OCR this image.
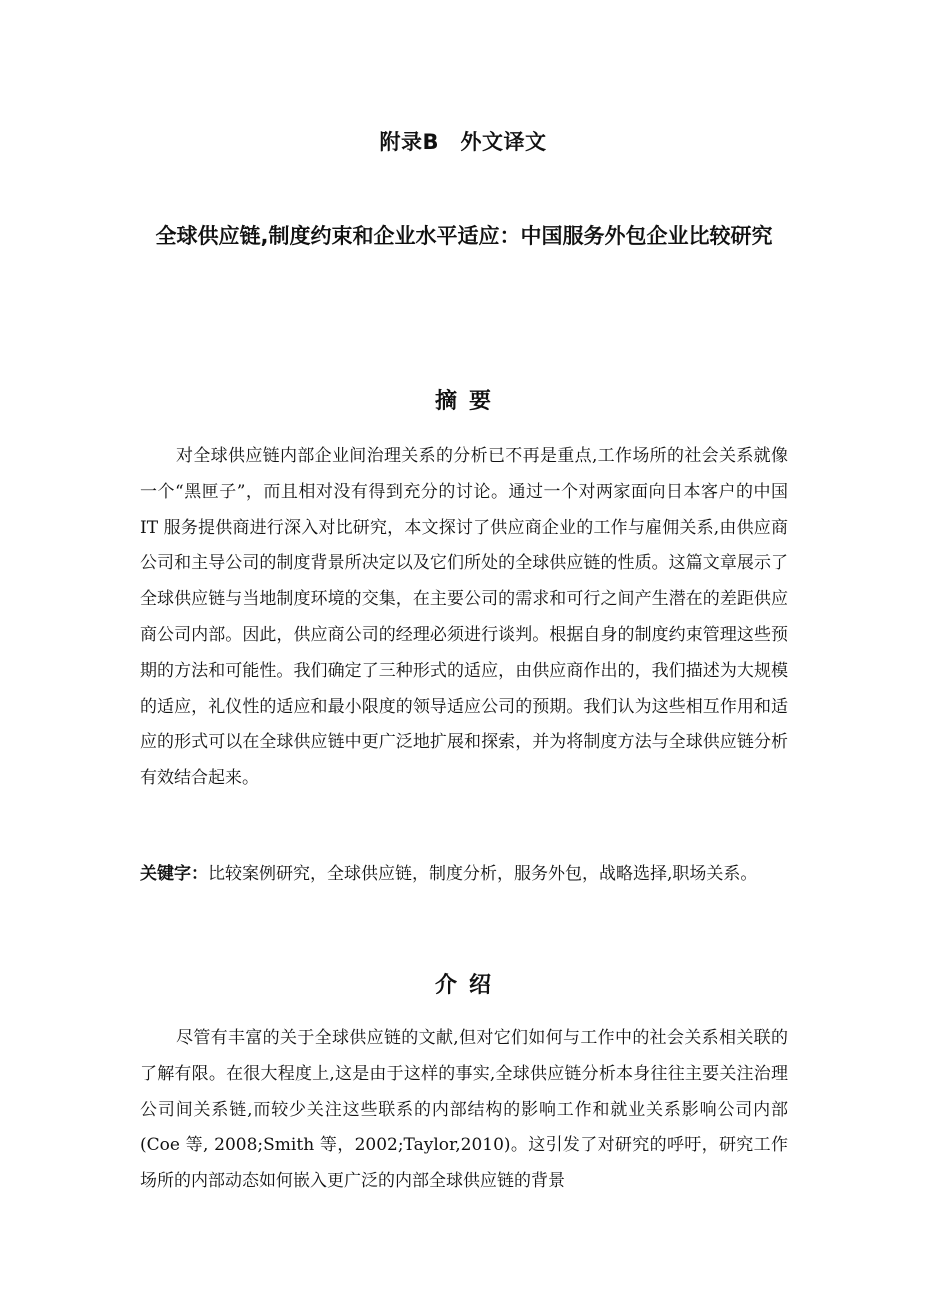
附录B　外文译文
全球供应链,制度约束和企业水平适应：中国服务外包企业比较研究
摘要

对全球供应链内部企业间治理关系的分析已不再是重点,工作场所的社会关系就像一个“黑匣子”，而且相对没有得到充分的讨论。通过一个对两家面向日本客户的中国 IT 服务提供商进行深入对比研究，本文探讨了供应商企业的工作与雇佣关系,由供应商公司和主导公司的制度背景所决定以及它们所处的全球供应链的性质。这篇文章展示了全球供应链与当地制度环境的交集，在主要公司的需求和可行之间产生潜在的差距供应商公司内部。因此，供应商公司的经理必须进行谈判。根据自身的制度约束管理这些预期的方法和可能性。我们确定了三种形式的适应，由供应商作出的，我们描述为大规模的适应，礼仪性的适应和最小限度的领导适应公司的预期。我们认为这些相互作用和适应的形式可以在全球供应链中更广泛地扩展和探索，并为将制度方法与全球供应链分析有效结合起来。

关键字：比较案例研究，全球供应链，制度分析，服务外包，战略选择,职场关系。

介绍

尽管有丰富的关于全球供应链的文献,但对它们如何与工作中的社会关系相关联的了解有限。在很大程度上,这是由于这样的事实,全球供应链分析本身往往主要关注治理公司间关系链,而较少关注这些联系的内部结构的影响工作和就业关系影响公司内部(Coe 等, 2008;Smith 等，2002;Taylor,2010)。这引发了对研究的呼吁，研究工作场所的内部动态如何嵌入更广泛的内部全球供应链的背景
